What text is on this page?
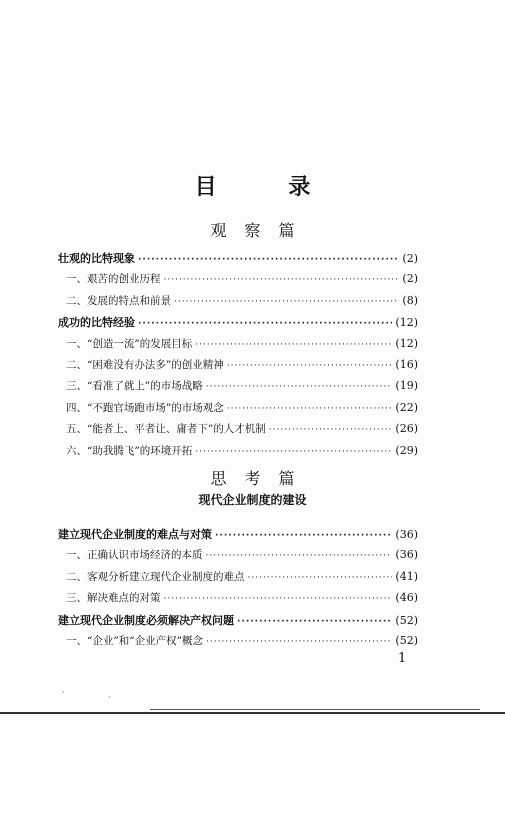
目 录
观察篇
壮观的比特现象 ·····	(2)
一、艰苦的创业历程 ·····	(2)
二、发展的特点和前景 ·····	(8)
成功的比特经验 ·····	(12)
一、“创造一流”的发展目标 ·····	(12)
二、“困难没有办法多”的创业精神 ·····	(16)
三、“看准了就上”的市场战略 ·····	(19)
四、“不跑官场跑市场”的市场观念 ·····	(22)
五、“能者上、平者让、庸者下”的人才机制 ·····	(26)
六、“助我腾飞”的环境开拓 ·····	(29)
思考篇
现代企业制度的建设
建立现代企业制度的难点与对策 ·····	(36)
一、正确认识市场经济的本质 ·····	(36)
二、客观分析建立现代企业制度的难点 ·····	(41)
三、解决难点的对策 ·····	(46)
建立现代企业制度必须解决产权问题 ·····	(52)
一、“企业”和“企业产权”概念 ·····	(52)
1
·
·
